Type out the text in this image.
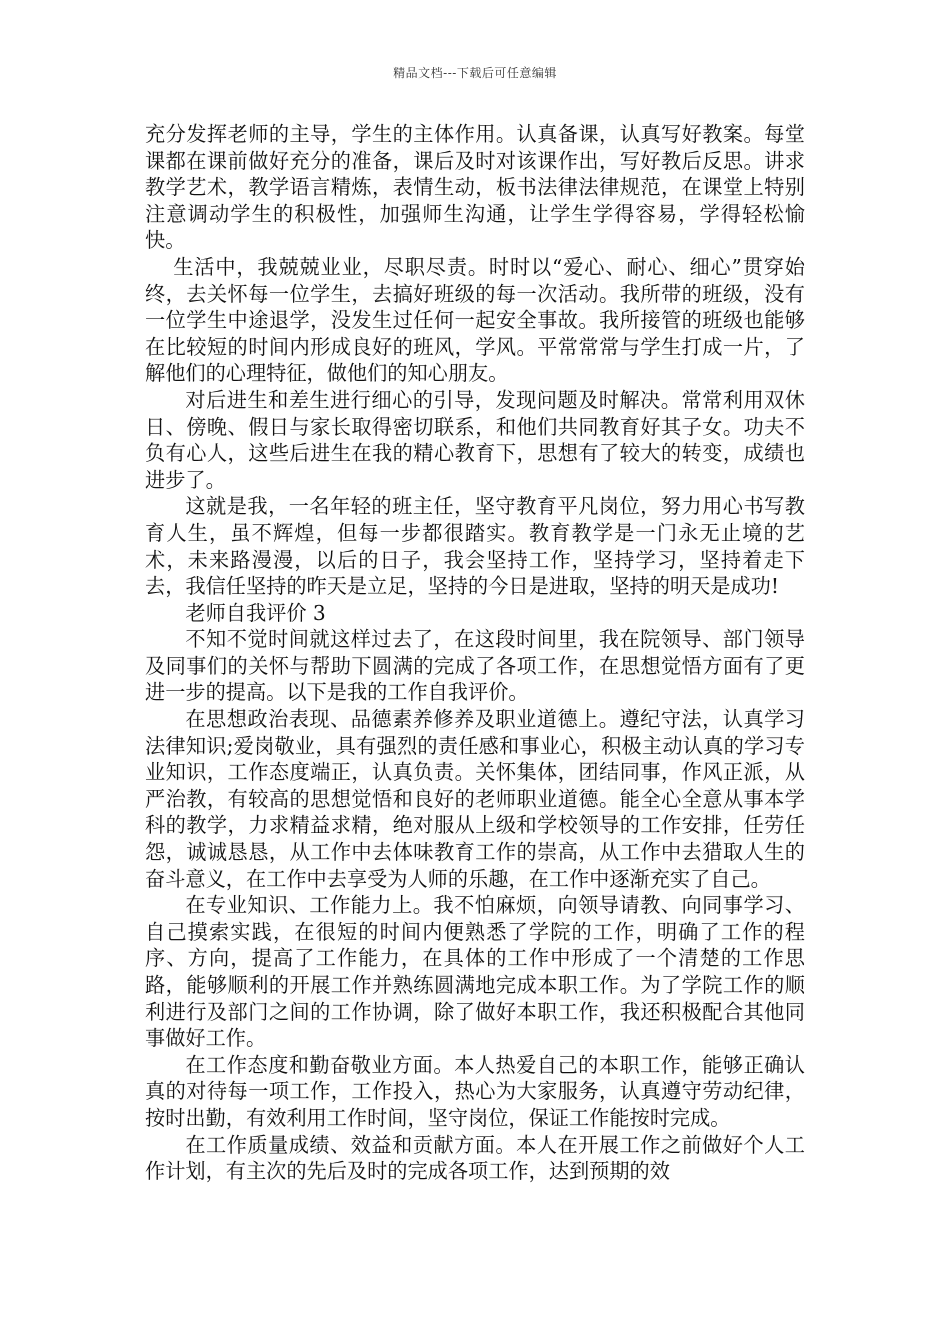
精品文档---下载后可任意编辑

充分发挥老师的主导，学生的主体作用。认真备课，认真写好教案。每堂课都在课前做好充分的准备，课后及时对该课作出，写好教后反思。讲求教学艺术，教学语言精炼，表情生动，板书法律法律规范，在课堂上特别注意调动学生的积极性，加强师生沟通，让学生学得容易，学得轻松愉快。

生活中，我兢兢业业，尽职尽责。时时以“爱心、耐心、细心”贯穿始终，去关怀每一位学生，去搞好班级的每一次活动。我所带的班级，没有一位学生中途退学，没发生过任何一起安全事故。我所接管的班级也能够在比较短的时间内形成良好的班风，学风。平常常常与学生打成一片，了解他们的心理特征，做他们的知心朋友。

对后进生和差生进行细心的引导，发现问题及时解决。常常利用双休日、傍晚、假日与家长取得密切联系，和他们共同教育好其子女。功夫不负有心人，这些后进生在我的精心教育下，思想有了较大的转变，成绩也进步了。

这就是我，一名年轻的班主任，坚守教育平凡岗位，努力用心书写教育人生，虽不辉煌，但每一步都很踏实。教育教学是一门永无止境的艺术，未来路漫漫，以后的日子，我会坚持工作，坚持学习，坚持着走下去，我信任坚持的昨天是立足，坚持的今日是进取，坚持的明天是成功!

老师自我评价 3

不知不觉时间就这样过去了，在这段时间里，我在院领导、部门领导及同事们的关怀与帮助下圆满的完成了各项工作，在思想觉悟方面有了更进一步的提高。以下是我的工作自我评价。

在思想政治表现、品德素养修养及职业道德上。遵纪守法，认真学习法律知识;爱岗敬业，具有强烈的责任感和事业心，积极主动认真的学习专业知识，工作态度端正，认真负责。关怀集体，团结同事，作风正派，从严治教，有较高的思想觉悟和良好的老师职业道德。能全心全意从事本学科的教学，力求精益求精，绝对服从上级和学校领导的工作安排，任劳任怨，诚诚恳恳，从工作中去体味教育工作的崇高，从工作中去猎取人生的奋斗意义，在工作中去享受为人师的乐趣，在工作中逐渐充实了自己。

在专业知识、工作能力上。我不怕麻烦，向领导请教、向同事学习、自己摸索实践，在很短的时间内便熟悉了学院的工作，明确了工作的程序、方向，提高了工作能力，在具体的工作中形成了一个清楚的工作思路，能够顺利的开展工作并熟练圆满地完成本职工作。为了学院工作的顺利进行及部门之间的工作协调，除了做好本职工作，我还积极配合其他同事做好工作。

在工作态度和勤奋敬业方面。本人热爱自己的本职工作，能够正确认真的对待每一项工作，工作投入，热心为大家服务，认真遵守劳动纪律，按时出勤，有效利用工作时间，坚守岗位，保证工作能按时完成。

在工作质量成绩、效益和贡献方面。本人在开展工作之前做好个人工作计划，有主次的先后及时的完成各项工作，达到预期的效
